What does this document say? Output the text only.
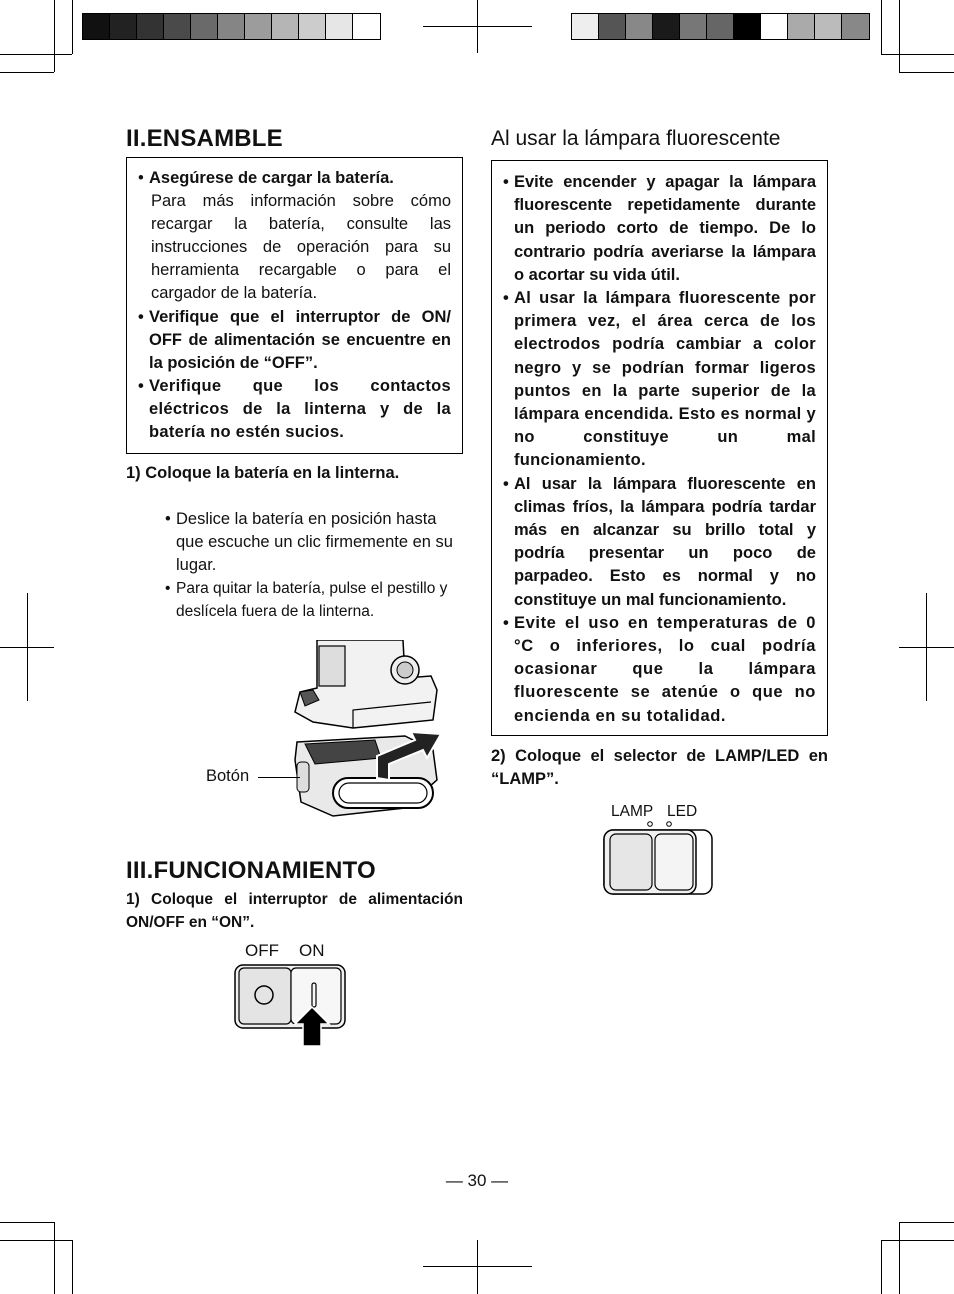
II.ENSAMBLE
• Asegúrese de cargar la batería.
Para más información sobre cómo recargar la batería, consulte las instrucciones de operación para su herramienta recargable o para el cargador de la batería.
• Verifique que el interruptor de ON/ OFF de alimentación se encuentre en la posición de “OFF”.
• Verifique que los contactos eléctricos de la linterna y de la batería no estén sucios.
1) Coloque la batería en la linterna.
• Deslice la batería en posición hasta que escuche un clic firmemente en su lugar.
• Para quitar la batería, pulse el pestillo y deslícela fuera de la linterna.
Botón
III.FUNCIONAMIENTO
1) Coloque el interruptor de alimentación ON/OFF en “ON”.
OFF ON
Al usar la lámpara fluorescente
• Evite encender y apagar la lámpara fluorescente repetidamente durante un periodo corto de tiempo. De lo contrario podría averiarse la lámpara o acortar su vida útil.
• Al usar la lámpara fluorescente por primera vez, el área cerca de los electrodos podría cambiar a color negro y se podrían formar ligeros puntos en la parte superior de la lámpara encendida. Esto es normal y no constituye un mal funcionamiento.
• Al usar la lámpara fluorescente en climas fríos, la lámpara podría tardar más en alcanzar su brillo total y podría presentar un poco de parpadeo. Esto es normal y no constituye un mal funcionamiento.
• Evite el uso en temperaturas de 0 °C o inferiores, lo cual podría ocasionar que la lámpara fluorescente se atenúe o que no encienda en su totalidad.
2) Coloque el selector de LAMP/LED en “LAMP”.
LAMP LED
― 30 ―
